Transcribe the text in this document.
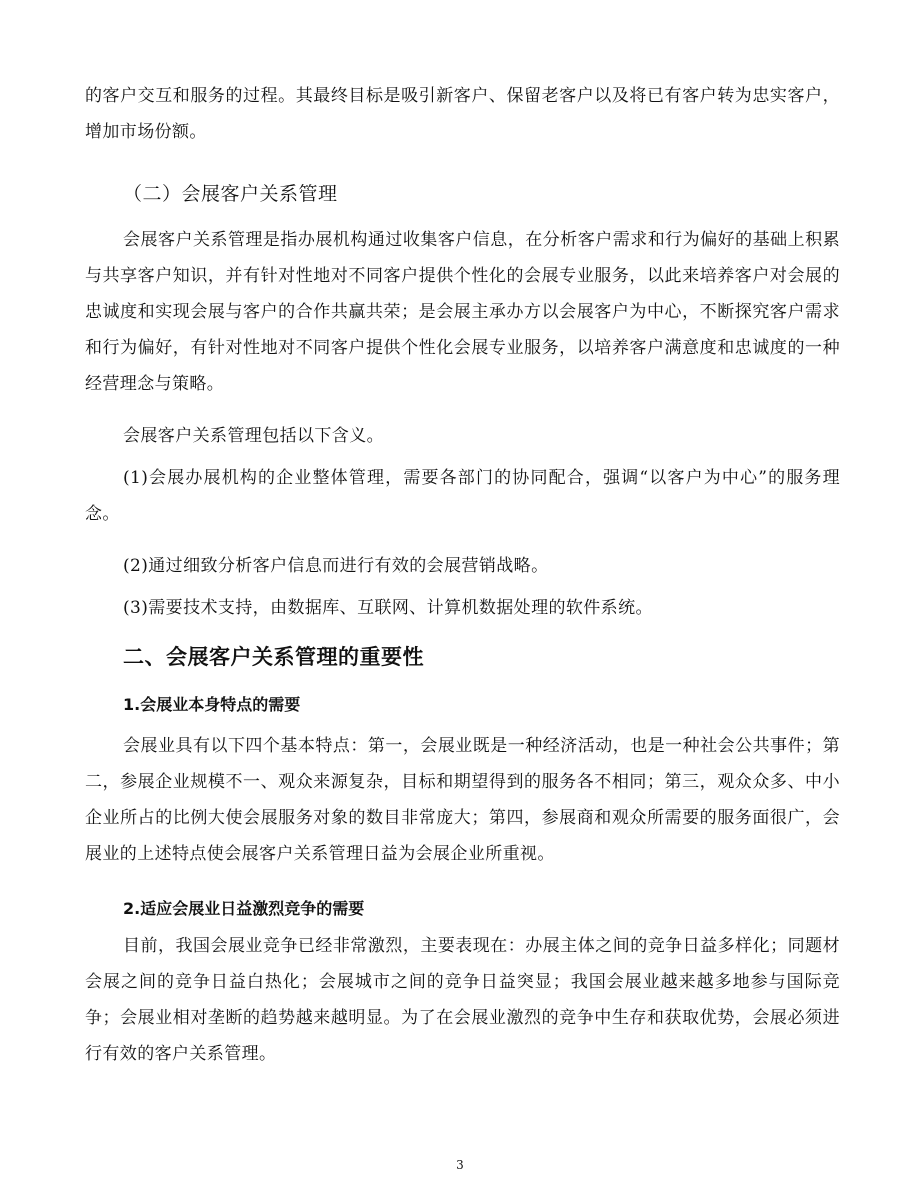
的客户交互和服务的过程。其最终目标是吸引新客户、保留老客户以及将已有客户转为忠实客户，增加市场份额。

（二）会展客户关系管理

会展客户关系管理是指办展机构通过收集客户信息，在分析客户需求和行为偏好的基础上积累与共享客户知识，并有针对性地对不同客户提供个性化的会展专业服务，以此来培养客户对会展的忠诚度和实现会展与客户的合作共赢共荣；是会展主承办方以会展客户为中心，不断探究客户需求和行为偏好，有针对性地对不同客户提供个性化会展专业服务，以培养客户满意度和忠诚度的一种经营理念与策略。

会展客户关系管理包括以下含义。

(1)会展办展机构的企业整体管理，需要各部门的协同配合，强调“以客户为中心”的服务理念。

(2)通过细致分析客户信息而进行有效的会展营销战略。

(3)需要技术支持，由数据库、互联网、计算机数据处理的软件系统。

二、会展客户关系管理的重要性
1.会展业本身特点的需要

会展业具有以下四个基本特点：第一，会展业既是一种经济活动，也是一种社会公共事件；第二，参展企业规模不一、观众来源复杂，目标和期望得到的服务各不相同；第三，观众众多、中小企业所占的比例大使会展服务对象的数目非常庞大；第四，参展商和观众所需要的服务面很广，会展业的上述特点使会展客户关系管理日益为会展企业所重视。

2.适应会展业日益激烈竞争的需要

目前，我国会展业竞争已经非常激烈，主要表现在：办展主体之间的竞争日益多样化；同题材会展之间的竞争日益白热化；会展城市之间的竞争日益突显；我国会展业越来越多地参与国际竞争；会展业相对垄断的趋势越来越明显。为了在会展业激烈的竞争中生存和获取优势，会展必须进行有效的客户关系管理。

3
